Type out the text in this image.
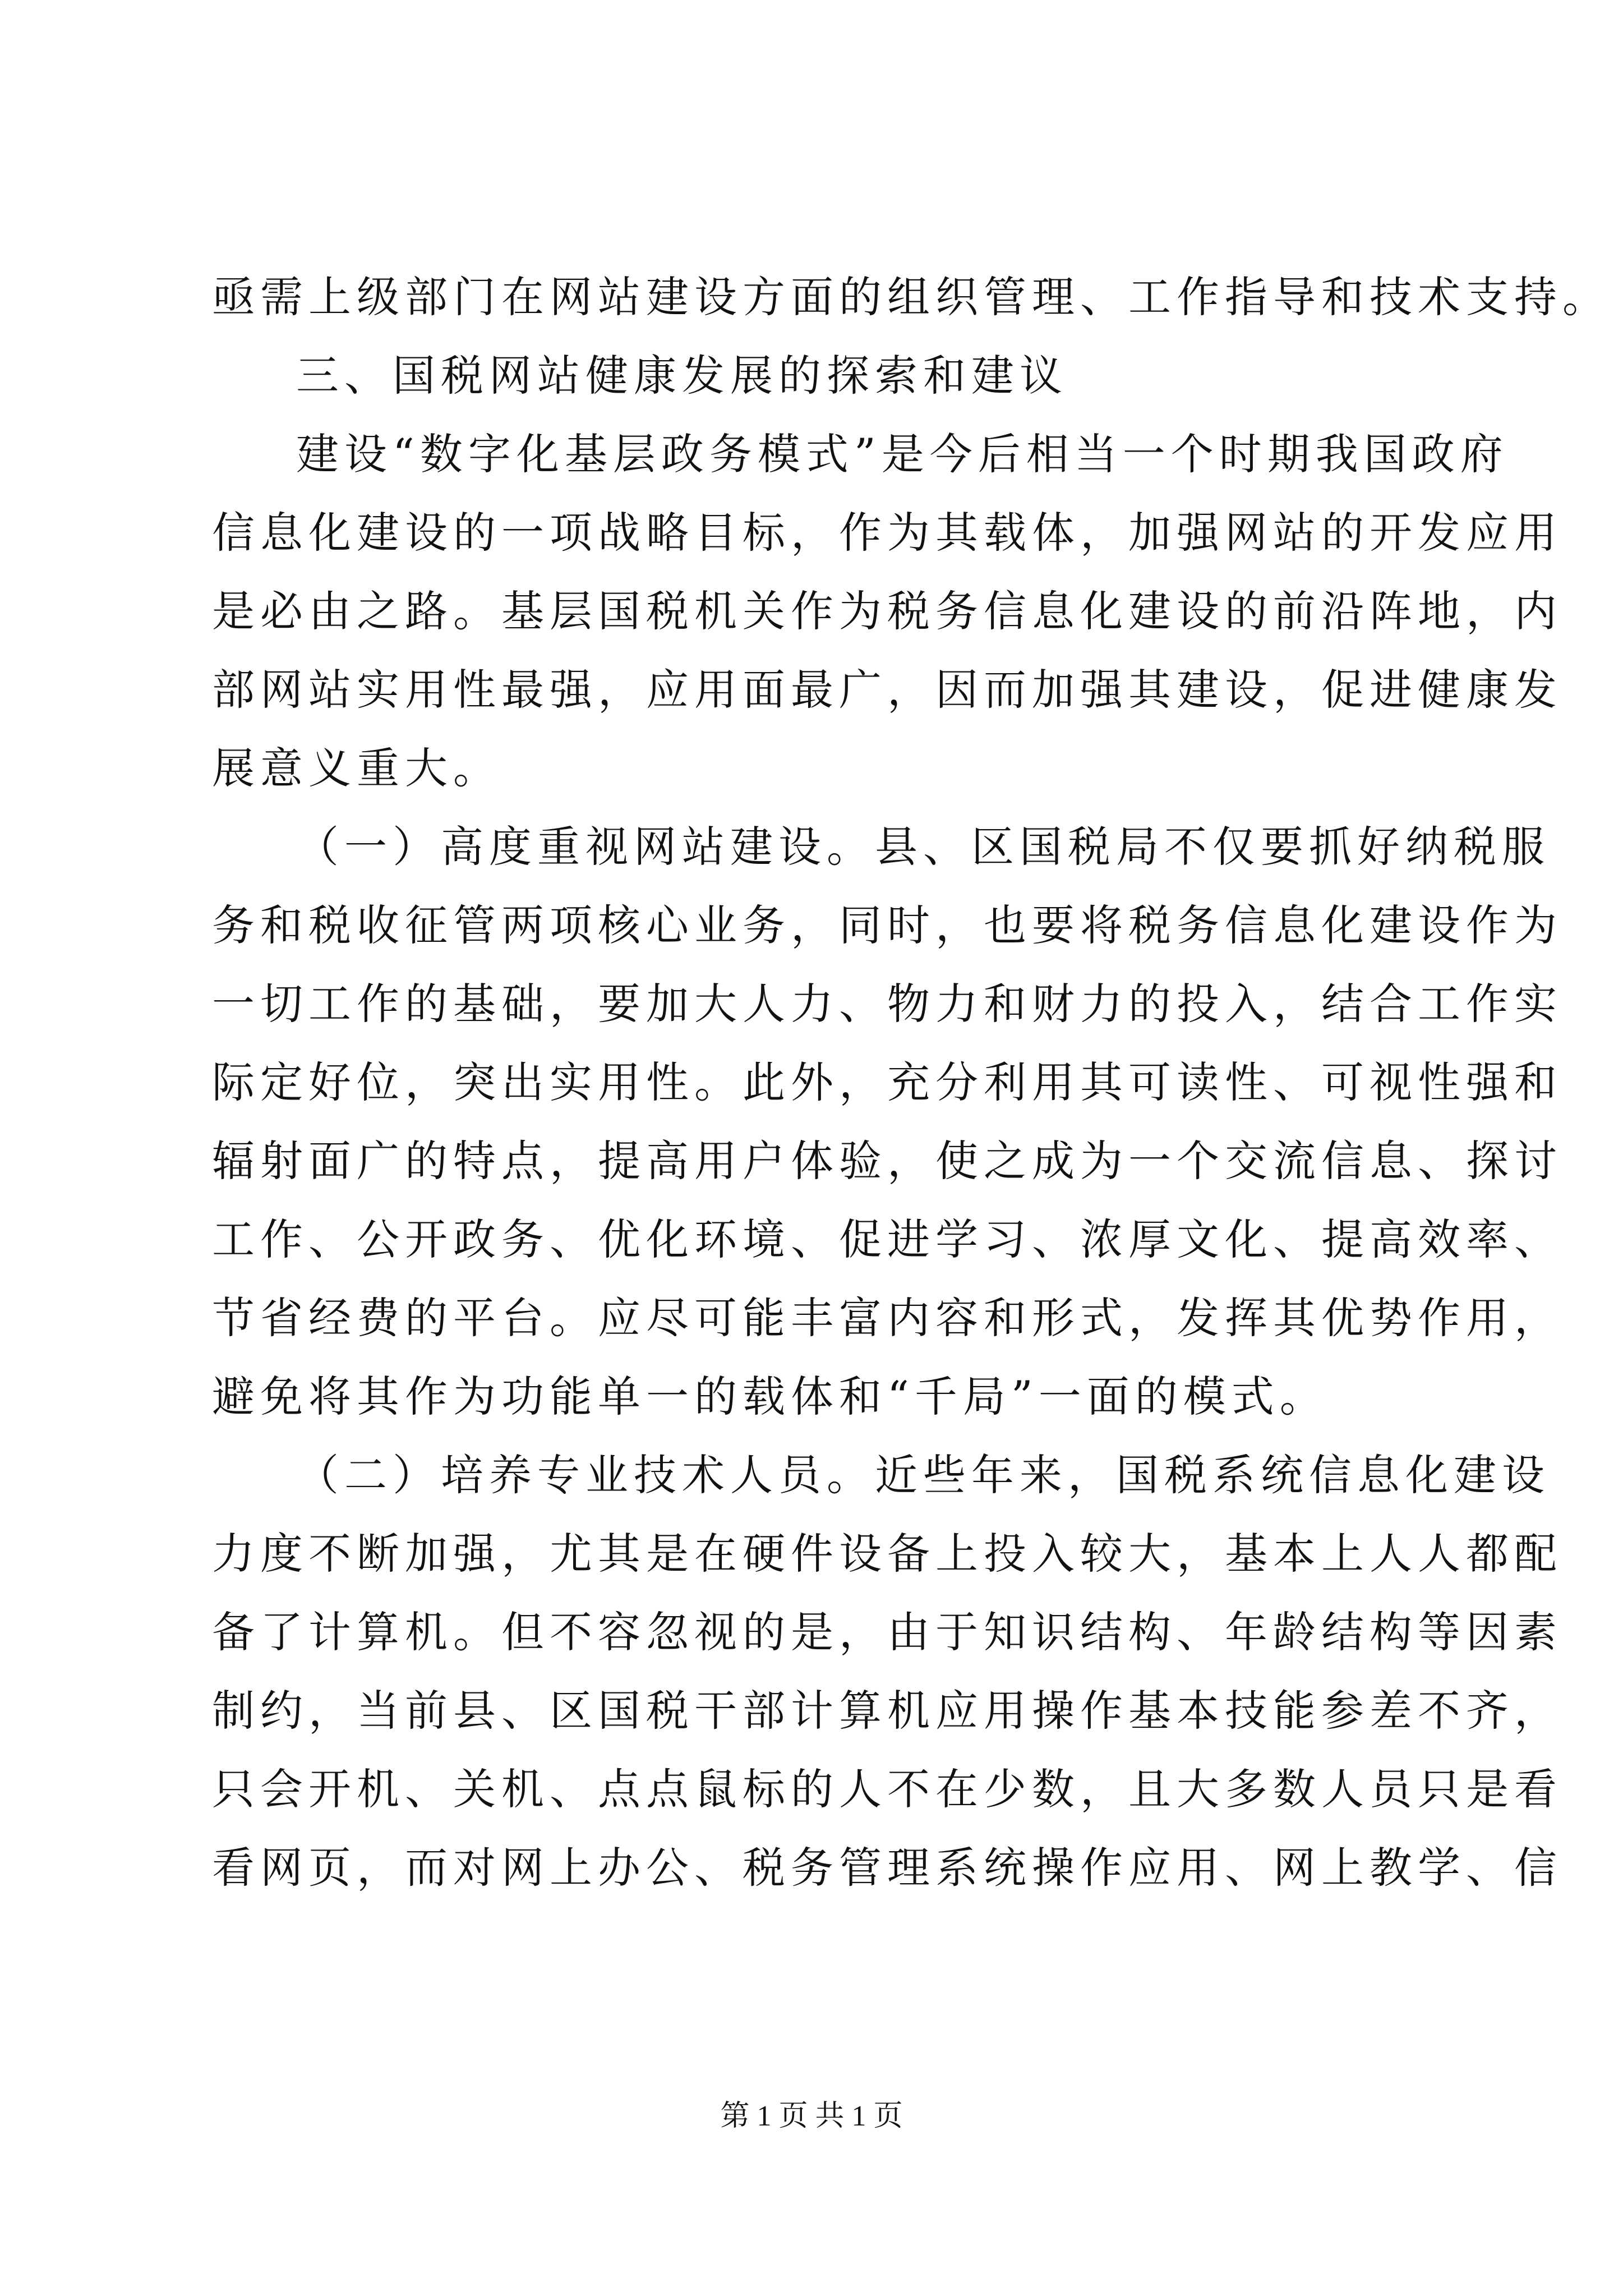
亟需上级部门在网站建设方面的组织管理、工作指导和技术支持。
三、国税网站健康发展的探索和建议
建设“数字化基层政务模式”是今后相当一个时期我国政府
信息化建设的一项战略目标，作为其载体，加强网站的开发应用
是必由之路。基层国税机关作为税务信息化建设的前沿阵地，内
部网站实用性最强，应用面最广，因而加强其建设，促进健康发
展意义重大。
（一）高度重视网站建设。县、区国税局不仅要抓好纳税服
务和税收征管两项核心业务，同时，也要将税务信息化建设作为
一切工作的基础，要加大人力、物力和财力的投入，结合工作实
际定好位，突出实用性。此外，充分利用其可读性、可视性强和
辐射面广的特点，提高用户体验，使之成为一个交流信息、探讨
工作、公开政务、优化环境、促进学习、浓厚文化、提高效率、
节省经费的平台。应尽可能丰富内容和形式，发挥其优势作用，
避免将其作为功能单一的载体和“千局”一面的模式。
（二）培养专业技术人员。近些年来，国税系统信息化建设
力度不断加强，尤其是在硬件设备上投入较大，基本上人人都配
备了计算机。但不容忽视的是，由于知识结构、年龄结构等因素
制约，当前县、区国税干部计算机应用操作基本技能参差不齐，
只会开机、关机、点点鼠标的人不在少数，且大多数人员只是看
看网页，而对网上办公、税务管理系统操作应用、网上教学、信
第 1 页 共 1 页
